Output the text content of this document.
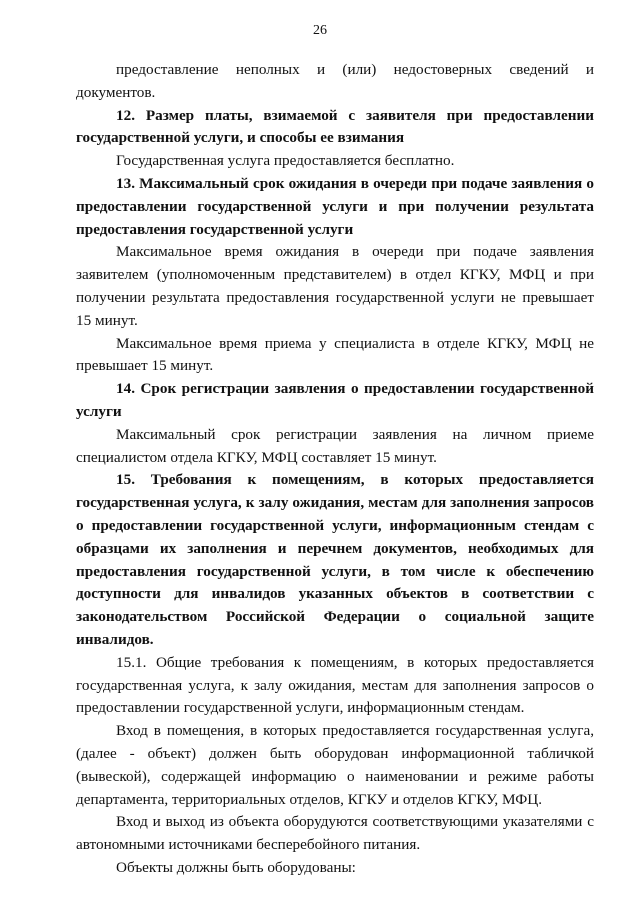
26

предоставление неполных и (или) недостоверных сведений и документов.

12. Размер платы, взимаемой с заявителя при предоставлении государственной услуги, и способы ее взимания

Государственная услуга предоставляется бесплатно.

13. Максимальный срок ожидания в очереди при подаче заявления о предоставлении государственной услуги и при получении результата предоставления государственной услуги

Максимальное время ожидания в очереди при подаче заявления заявителем (уполномоченным представителем) в отдел КГКУ, МФЦ и при получении результата предоставления государственной услуги не превышает 15 минут.

Максимальное время приема у специалиста в отделе КГКУ, МФЦ не превышает 15 минут.

14. Срок регистрации заявления о предоставлении государственной услуги

Максимальный срок регистрации заявления на личном приеме специалистом отдела КГКУ, МФЦ составляет 15 минут.

15. Требования к помещениям, в которых предоставляется государственная услуга, к залу ожидания, местам для заполнения запросов о предоставлении государственной услуги, информационным стендам с образцами их заполнения и перечнем документов, необходимых для предоставления государственной услуги, в том числе к обеспечению доступности для инвалидов указанных объектов в соответствии с законодательством Российской Федерации о социальной защите инвалидов.

15.1. Общие требования к помещениям, в которых предоставляется государственная услуга, к залу ожидания, местам для заполнения запросов о предоставлении государственной услуги, информационным стендам.

Вход в помещения, в которых предоставляется государственная услуга, (далее - объект) должен быть оборудован информационной табличкой (вывеской), содержащей информацию о наименовании и режиме работы департамента, территориальных отделов, КГКУ и отделов КГКУ, МФЦ.

Вход и выход из объекта оборудуются соответствующими указателями с автономными источниками бесперебойного питания.

Объекты должны быть оборудованы:
